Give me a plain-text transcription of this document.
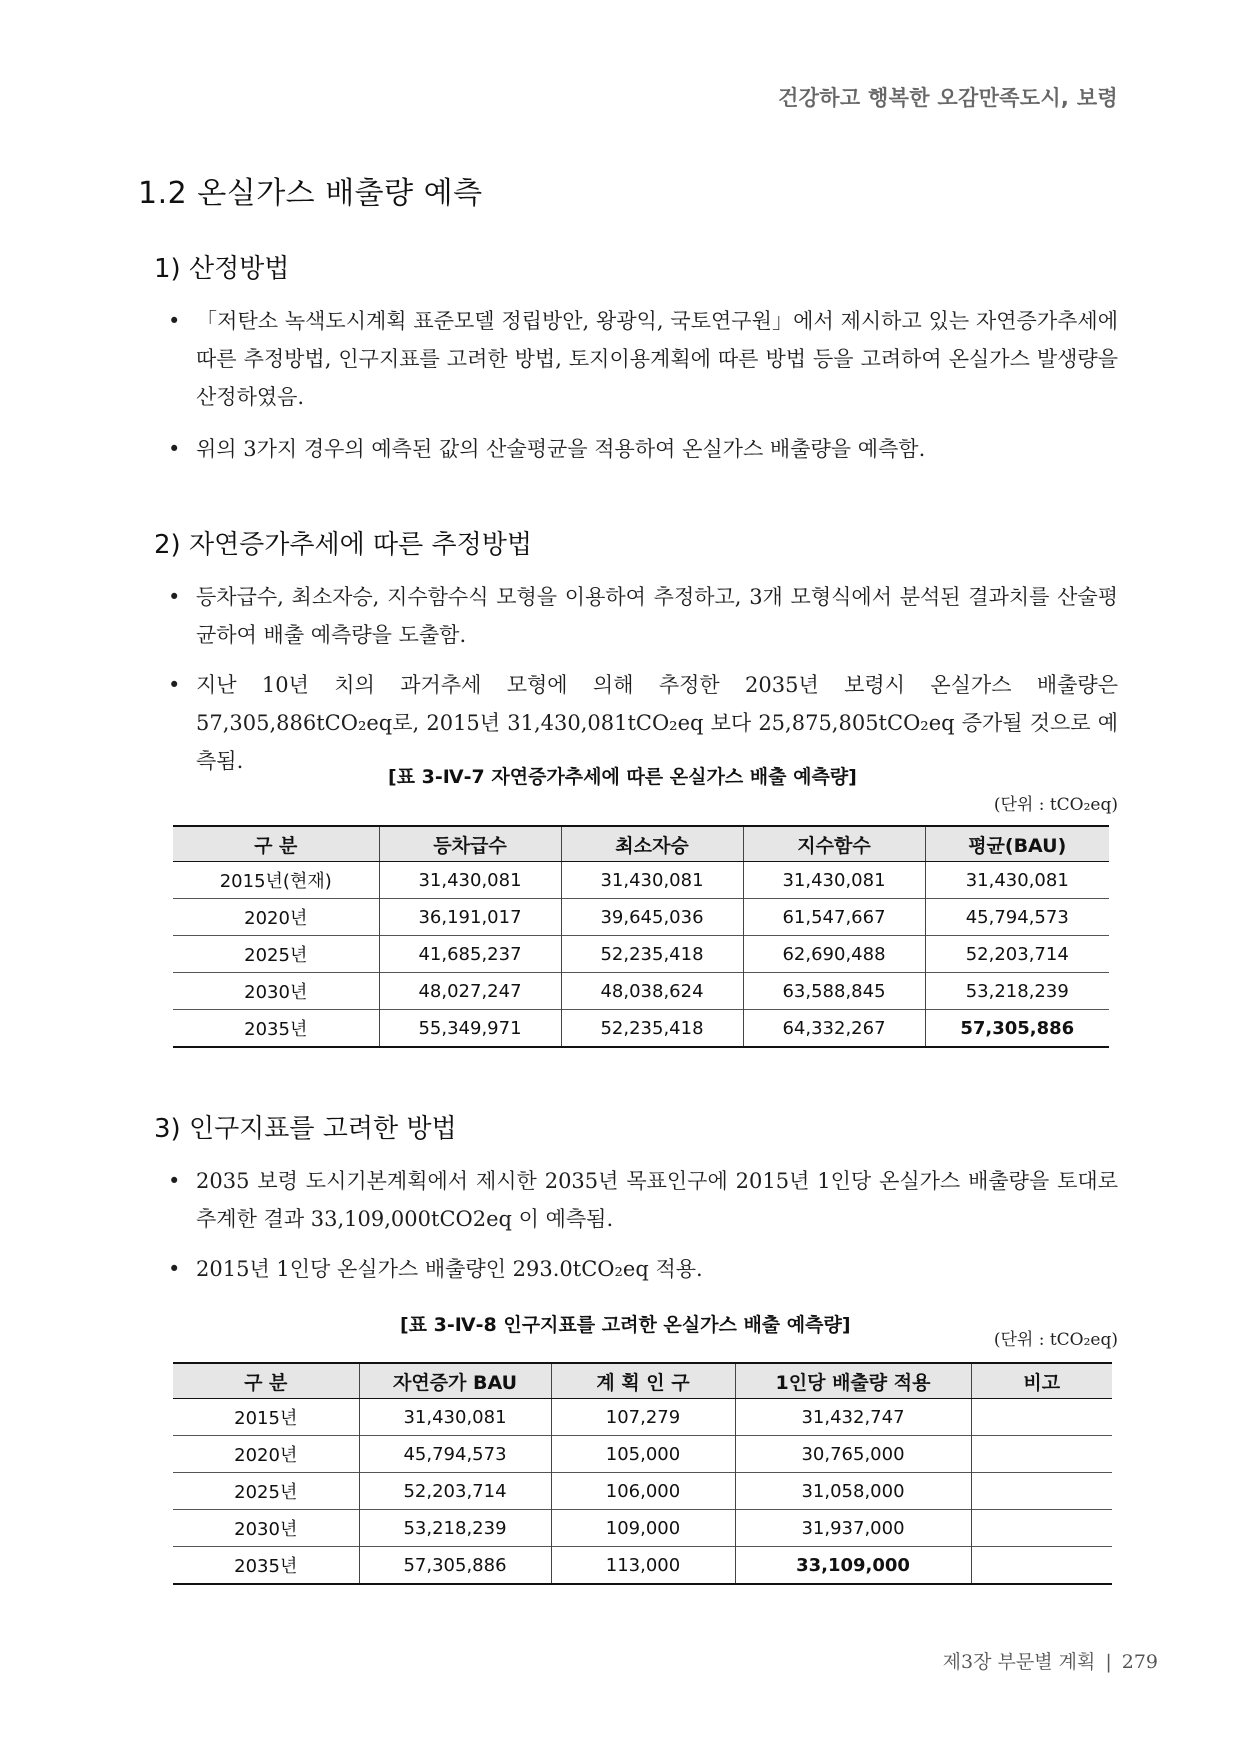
건강하고 행복한 오감만족도시, 보령
1.2 온실가스 배출량 예측
1) 산정방법
• 「저탄소 녹색도시계획 표준모델 정립방안, 왕광익, 국토연구원」에서 제시하고 있는 자연증가추세에 따른 추정방법, 인구지표를 고려한 방법, 토지이용계획에 따른 방법 등을 고려하여 온실가스 발생량을 산정하였음.
• 위의 3가지 경우의 예측된 값의 산술평균을 적용하여 온실가스 배출량을 예측함.
2) 자연증가추세에 따른 추정방법
• 등차급수, 최소자승, 지수함수식 모형을 이용하여 추정하고, 3개 모형식에서 분석된 결과치를 산술평균하여 배출 예측량을 도출함.
• 지난 10년 치의 과거추세 모형에 의해 추정한 2035년 보령시 온실가스 배출량은 57,305,886tCO₂eq로, 2015년 31,430,081tCO₂eq 보다 25,875,805tCO₂eq 증가될 것으로 예측됨.
[표 3-Ⅳ-7 자연증가추세에 따른 온실가스 배출 예측량]
(단위 : tCO₂eq)
구 분	등차급수	최소자승	지수함수	평균(BAU)
2015년(현재)	31,430,081	31,430,081	31,430,081	31,430,081
2020년	36,191,017	39,645,036	61,547,667	45,794,573
2025년	41,685,237	52,235,418	62,690,488	52,203,714
2030년	48,027,247	48,038,624	63,588,845	53,218,239
2035년	55,349,971	52,235,418	64,332,267	57,305,886
3) 인구지표를 고려한 방법
• 2035 보령 도시기본계획에서 제시한 2035년 목표인구에 2015년 1인당 온실가스 배출량을 토대로 추계한 결과 33,109,000tCO2eq 이 예측됨.
• 2015년 1인당 온실가스 배출량인 293.0tCO₂eq 적용.
[표 3-Ⅳ-8 인구지표를 고려한 온실가스 배출 예측량]
(단위 : tCO₂eq)
구 분	자연증가 BAU	계 획 인 구	1인당 배출량 적용	비고
2015년	31,430,081	107,279	31,432,747	
2020년	45,794,573	105,000	30,765,000	
2025년	52,203,714	106,000	31,058,000	
2030년	53,218,239	109,000	31,937,000	
2035년	57,305,886	113,000	33,109,000	
제3장 부문별 계획 | 279
